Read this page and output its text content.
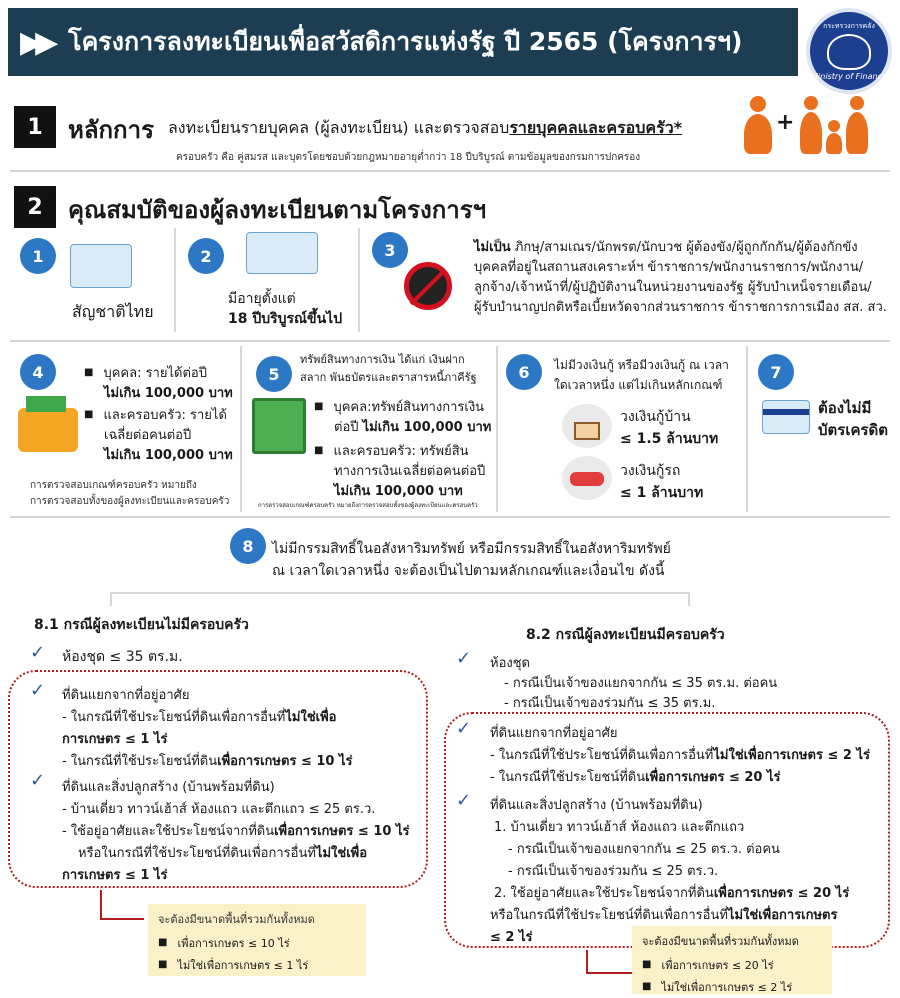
▶▶ โครงการลงทะเบียนเพื่อสวัสดิการแห่งรัฐ ปี 2565 (โครงการฯ)
กระทรวงการคลัง
Ministry of Finance
1	หลักการ ลงทะเบียนรายบุคคล (ผู้ลงทะเบียน) และตรวจสอบรายบุคคลและครอบครัว*	+
ครอบครัว คือ คู่สมรส และบุตรโดยชอบด้วยกฎหมายอายุต่ำกว่า 18 ปีบริบูรณ์ ตามข้อมูลของกรมการปกครอง
2	คุณสมบัติของผู้ลงทะเบียนตามโครงการฯ
1
สัญชาติไทย
2
มีอายุตั้งแต่
18 ปีบริบูรณ์ขึ้นไป
3	ไม่เป็น ภิกษุ/สามเณร/นักพรต/นักบวช ผู้ต้องขัง/ผู้ถูกกักกัน/ผู้ต้องกักขัง
บุคคลที่อยู่ในสถานสงเคราะห์ฯ ข้าราชการ/พนักงานราชการ/พนักงาน/
ลูกจ้าง/เจ้าหน้าที่/ผู้ปฏิบัติงานในหน่วยงานของรัฐ ผู้รับบำเหน็จรายเดือน/
ผู้รับบำนาญปกติหรือเบี้ยหวัดจากส่วนราชการ ข้าราชการการเมือง สส. สว.
4	■ บุคคล: รายได้ต่อปี
ไม่เกิน 100,000 บาท
■ และครอบครัว: รายได้
เฉลี่ยต่อคนต่อปี
ไม่เกิน 100,000 บาท
การตรวจสอบเกณฑ์ครอบครัว หมายถึง
การตรวจสอบทั้งของผู้ลงทะเบียนและครอบครัว
5
ทรัพย์สินทางการเงิน ได้แก่ เงินฝาก
สลาก พันธบัตรและตราสารหนี้ภาคีรัฐ
■ บุคคล:ทรัพย์สินทางการเงิน
ต่อปี ไม่เกิน 100,000 บาท
■ และครอบครัว: ทรัพย์สิน
ทางการเงินเฉลี่ยต่อคนต่อปี
ไม่เกิน 100,000 บาท
การตรวจสอบเกณฑ์ครอบครัว หมายถึงการตรวจสอบทั้งของผู้ลงทะเบียนและครอบครัว
6	ไม่มีวงเงินกู้ หรือมีวงเงินกู้ ณ เวลา
ใดเวลาหนึ่ง แต่ไม่เกินหลักเกณฑ์
วงเงินกู้บ้าน
≤ 1.5 ล้านบาท
วงเงินกู้รถ
≤ 1 ล้านบาท
7
ต้องไม่มี
บัตรเครดิต
8	ไม่มีกรรมสิทธิ์ในอสังหาริมทรัพย์ หรือมีกรรมสิทธิ์ในอสังหาริมทรัพย์
ณ เวลาใดเวลาหนึ่ง จะต้องเป็นไปตามหลักเกณฑ์และเงื่อนไข ดังนี้
8.1 กรณีผู้ลงทะเบียนไม่มีครอบครัว
✓ ห้องชุด ≤ 35 ตร.ม.
✓ ที่ดินแยกจากที่อยู่อาศัย
- ในกรณีที่ใช้ประโยชน์ที่ดินเพื่อการอื่นที่ไม่ใช่เพื่อ
การเกษตร ≤ 1 ไร่
- ในกรณีที่ใช้ประโยชน์ที่ดินเพื่อการเกษตร ≤ 10 ไร่
✓ ที่ดินและสิ่งปลูกสร้าง (บ้านพร้อมที่ดิน)
- บ้านเดี่ยว ทาวน์เฮ้าส์ ห้องแถว และตึกแถว ≤ 25 ตร.ว.
- ใช้อยู่อาศัยและใช้ประโยชน์จากที่ดินเพื่อการเกษตร ≤ 10 ไร่
หรือในกรณีที่ใช้ประโยชน์ที่ดินเพื่อการอื่นที่ไม่ใช่เพื่อ
การเกษตร ≤ 1 ไร่
จะต้องมีขนาดพื้นที่รวมกันทั้งหมด
■ เพื่อการเกษตร ≤ 10 ไร่
■ ไม่ใช่เพื่อการเกษตร ≤ 1 ไร่
8.2 กรณีผู้ลงทะเบียนมีครอบครัว
✓ ห้องชุด
- กรณีเป็นเจ้าของแยกจากกัน ≤ 35 ตร.ม. ต่อคน
- กรณีเป็นเจ้าของร่วมกัน ≤ 35 ตร.ม.
✓ ที่ดินแยกจากที่อยู่อาศัย
- ในกรณีที่ใช้ประโยชน์ที่ดินเพื่อการอื่นที่ไม่ใช่เพื่อการเกษตร ≤ 2 ไร่
- ในกรณีที่ใช้ประโยชน์ที่ดินเพื่อการเกษตร ≤ 20 ไร่
✓ ที่ดินและสิ่งปลูกสร้าง (บ้านพร้อมที่ดิน)
1. บ้านเดี่ยว ทาวน์เฮ้าส์ ห้องแถว และตึกแถว
- กรณีเป็นเจ้าของแยกจากกัน ≤ 25 ตร.ว. ต่อคน
- กรณีเป็นเจ้าของร่วมกัน ≤ 25 ตร.ว.
2. ใช้อยู่อาศัยและใช้ประโยชน์จากที่ดินเพื่อการเกษตร ≤ 20 ไร่
หรือในกรณีที่ใช้ประโยชน์ที่ดินเพื่อการอื่นที่ไม่ใช่เพื่อการเกษตร
≤ 2 ไร่	จะต้องมีขนาดพื้นที่รวมกันทั้งหมด
■ เพื่อการเกษตร ≤ 20 ไร่
■ ไม่ใช่เพื่อการเกษตร ≤ 2 ไร่
